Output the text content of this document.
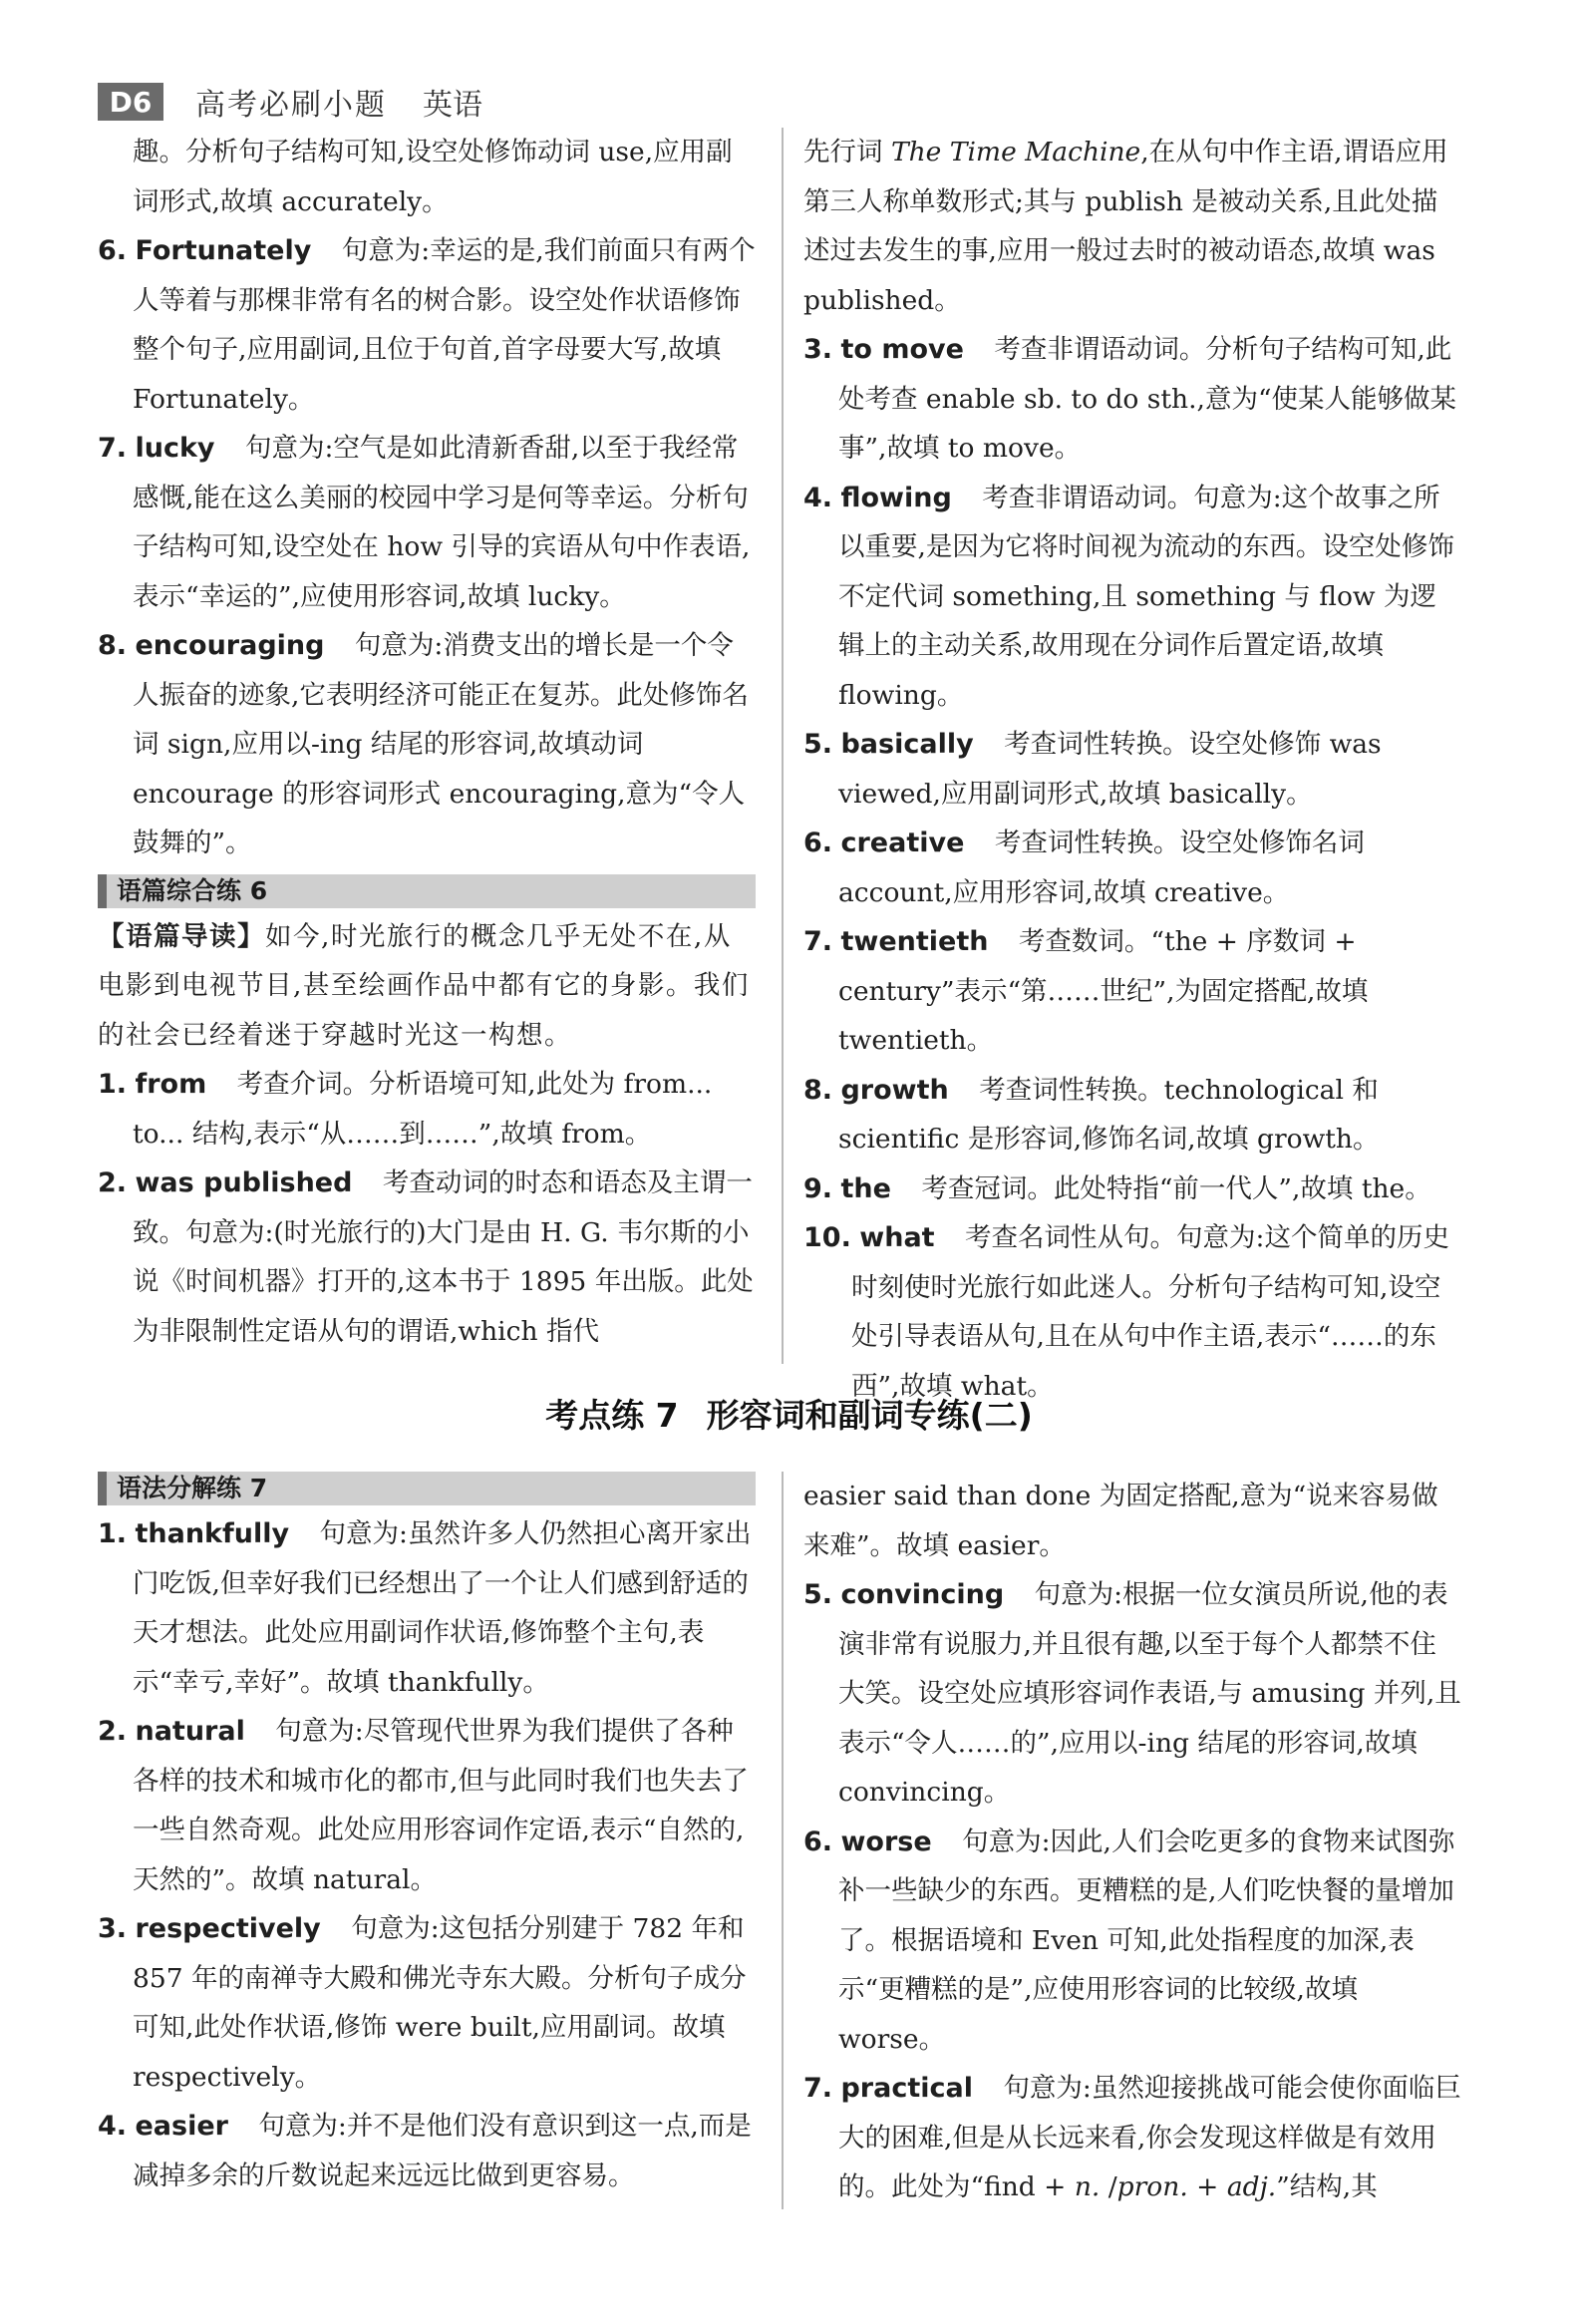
D6	高考必刷小题 英语

趣。分析句子结构可知,设空处修饰动词 use,应用副词形式,故填 accurately。

6. Fortunately 句意为:幸运的是,我们前面只有两个人等着与那棵非常有名的树合影。设空处作状语修饰整个句子,应用副词,且位于句首,首字母要大写,故填 Fortunately。

7. lucky 句意为:空气是如此清新香甜,以至于我经常感慨,能在这么美丽的校园中学习是何等幸运。分析句子结构可知,设空处在 how 引导的宾语从句中作表语,表示“幸运的”,应使用形容词,故填 lucky。

8. encouraging 句意为:消费支出的增长是一个令人振奋的迹象,它表明经济可能正在复苏。此处修饰名词 sign,应用以-ing 结尾的形容词,故填动词 encourage 的形容词形式 encouraging,意为“令人鼓舞的”。

语篇综合练 6

【语篇导读】如今,时光旅行的概念几乎无处不在,从电影到电视节目,甚至绘画作品中都有它的身影。我们的社会已经着迷于穿越时光这一构想。

1. from 考查介词。分析语境可知,此处为 from... to... 结构,表示“从……到……”,故填 from。

2. was published 考查动词的时态和语态及主谓一致。句意为:(时光旅行的)大门是由 H. G. 韦尔斯的小说《时间机器》打开的,这本书于 1895 年出版。此处为非限制性定语从句的谓语,which 指代

先行词 The Time Machine,在从句中作主语,谓语应用第三人称单数形式;其与 publish 是被动关系,且此处描述过去发生的事,应用一般过去时的被动语态,故填 was published。

3. to move 考查非谓语动词。分析句子结构可知,此处考查 enable sb. to do sth.,意为“使某人能够做某事”,故填 to move。

4. flowing 考查非谓语动词。句意为:这个故事之所以重要,是因为它将时间视为流动的东西。设空处修饰不定代词 something,且 something 与 flow 为逻辑上的主动关系,故用现在分词作后置定语,故填 flowing。

5. basically 考查词性转换。设空处修饰 was viewed,应用副词形式,故填 basically。

6. creative 考查词性转换。设空处修饰名词 account,应用形容词,故填 creative。

7. twentieth 考查数词。“the + 序数词 + century”表示“第……世纪”,为固定搭配,故填 twentieth。

8. growth 考查词性转换。technological 和 scientific 是形容词,修饰名词,故填 growth。

9. the 考查冠词。此处特指“前一代人”,故填 the。

10. what 考查名词性从句。句意为:这个简单的历史时刻使时光旅行如此迷人。分析句子结构可知,设空处引导表语从句,且在从句中作主语,表示“……的东西”,故填 what。

考点练 7 形容词和副词专练(二)
语法分解练 7

1. thankfully 句意为:虽然许多人仍然担心离开家出门吃饭,但幸好我们已经想出了一个让人们感到舒适的天才想法。此处应用副词作状语,修饰整个主句,表示“幸亏,幸好”。故填 thankfully。

2. natural 句意为:尽管现代世界为我们提供了各种各样的技术和城市化的都市,但与此同时我们也失去了一些自然奇观。此处应用形容词作定语,表示“自然的,天然的”。故填 natural。

3. respectively 句意为:这包括分别建于 782 年和 857 年的南禅寺大殿和佛光寺东大殿。分析句子成分可知,此处作状语,修饰 were built,应用副词。故填 respectively。

4. easier 句意为:并不是他们没有意识到这一点,而是减掉多余的斤数说起来远远比做到更容易。

easier said than done 为固定搭配,意为“说来容易做来难”。故填 easier。

5. convincing 句意为:根据一位女演员所说,他的表演非常有说服力,并且很有趣,以至于每个人都禁不住大笑。设空处应填形容词作表语,与 amusing 并列,且表示“令人……的”,应用以-ing 结尾的形容词,故填 convincing。

6. worse 句意为:因此,人们会吃更多的食物来试图弥补一些缺少的东西。更糟糕的是,人们吃快餐的量增加了。根据语境和 Even 可知,此处指程度的加深,表示“更糟糕的是”,应使用形容词的比较级,故填 worse。

7. practical 句意为:虽然迎接挑战可能会使你面临巨大的困难,但是从长远来看,你会发现这样做是有效用的。此处为“find + n. /pron. + adj.”结构,其
